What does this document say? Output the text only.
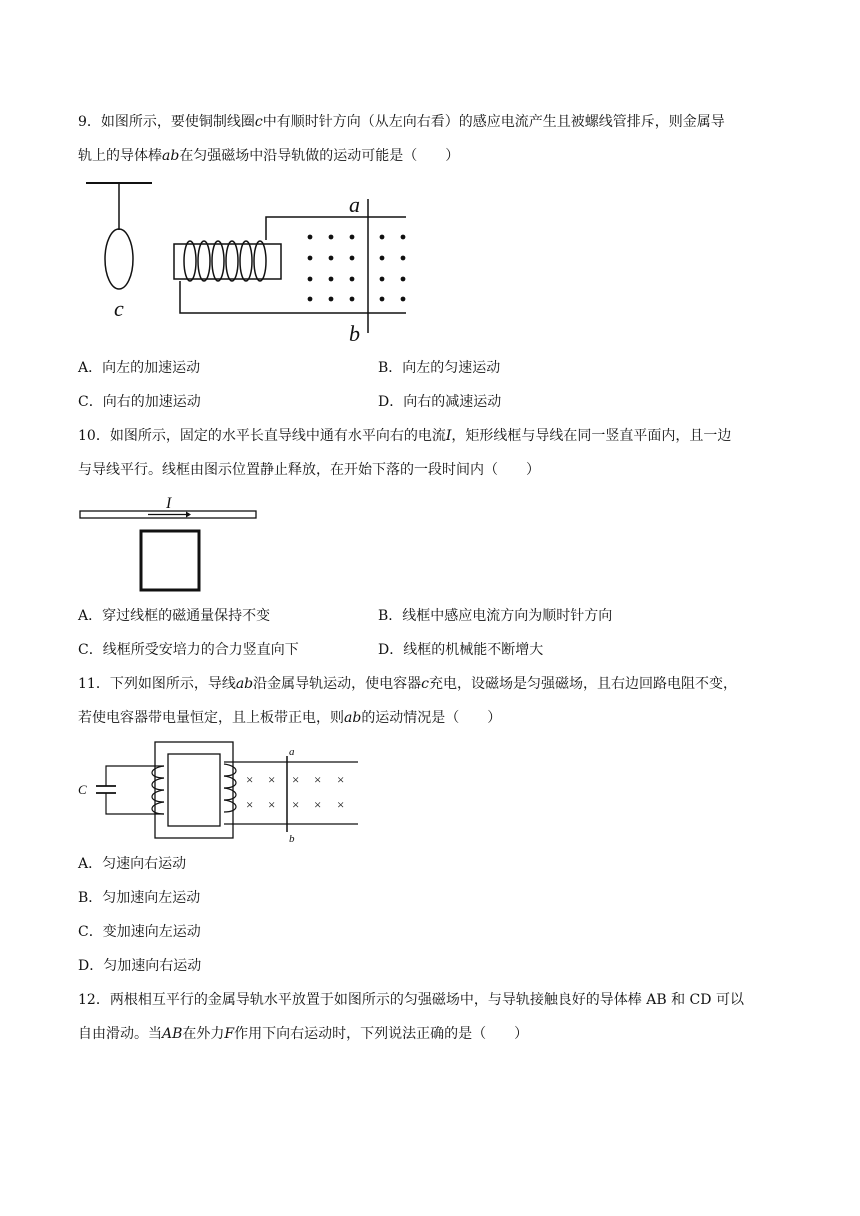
9．如图所示，要使铜制线圈c中有顺时针方向（从左向右看）的感应电流产生且被螺线管排斥，则金属导
轨上的导体棒ab在匀强磁场中沿导轨做的运动可能是（　　）
c
a
b
A．向左的加速运动	B．向左的匀速运动
C．向右的加速运动	D．向右的减速运动
10．如图所示，固定的水平长直导线中通有水平向右的电流I，矩形线框与导线在同一竖直平面内，且一边
与导线平行。线框由图示位置静止释放，在开始下落的一段时间内（　　）
I
A．穿过线框的磁通量保持不变	B．线框中感应电流方向为顺时针方向
C．线框所受安培力的合力竖直向下	D．线框的机械能不断增大
11．下列如图所示，导线ab沿金属导轨运动，使电容器c充电，设磁场是匀强磁场，且右边回路电阻不变，
若使电容器带电量恒定，且上板带正电，则ab的运动情况是（　　）
C
a
b
× × × × ×
× × × × ×
A．匀速向右运动
B．匀加速向左运动
C．变加速向左运动
D．匀加速向右运动
12．两根相互平行的金属导轨水平放置于如图所示的匀强磁场中，与导轨接触良好的导体棒 AB 和 CD 可以
自由滑动。当AB在外力F作用下向右运动时，下列说法正确的是（　　）
